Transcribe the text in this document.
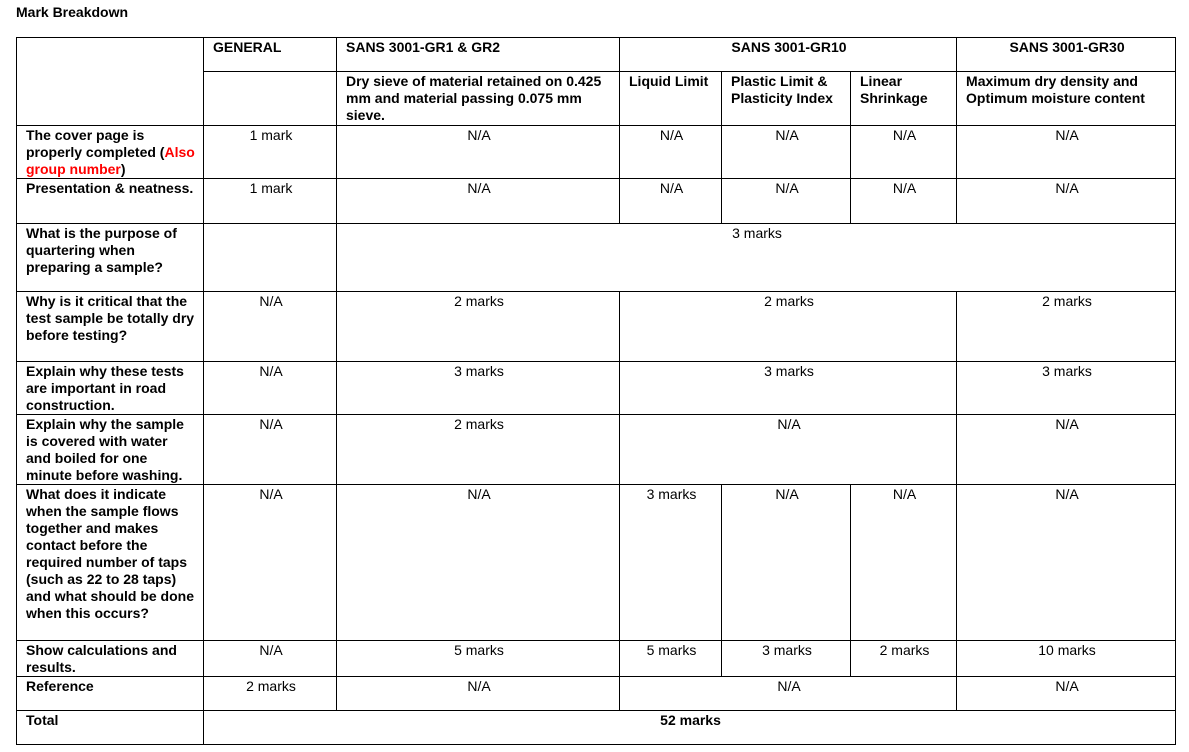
Mark Breakdown
	GENERAL	SANS 3001-GR1 & GR2	SANS 3001-GR10			SANS 3001-GR30
		Dry sieve of material retained on 0.425 mm and material passing 0.075 mm sieve.	Liquid Limit	Plastic Limit & Plasticity Index	Linear Shrinkage	Maximum dry density and Optimum moisture content
The cover page is properly completed (Also group number)	1 mark	N/A	N/A	N/A	N/A	N/A
Presentation & neatness.	1 mark	N/A	N/A	N/A	N/A	N/A
What is the purpose of quartering when preparing a sample?		3 marks				
Why is it critical that the test sample be totally dry before testing?	N/A	2 marks	2 marks			2 marks
Explain why these tests are important in road construction.	N/A	3 marks	3 marks			3 marks
Explain why the sample is covered with water and boiled for one minute before washing.	N/A	2 marks	N/A			N/A
What does it indicate when the sample flows together and makes contact before the required number of taps (such as 22 to 28 taps) and what should be done when this occurs?	N/A	N/A	3 marks	N/A	N/A	N/A
Show calculations and results.	N/A	5 marks	5 marks	3 marks	2 marks	10 marks
Reference	2 marks	N/A	N/A			N/A
Total	52 marks					
